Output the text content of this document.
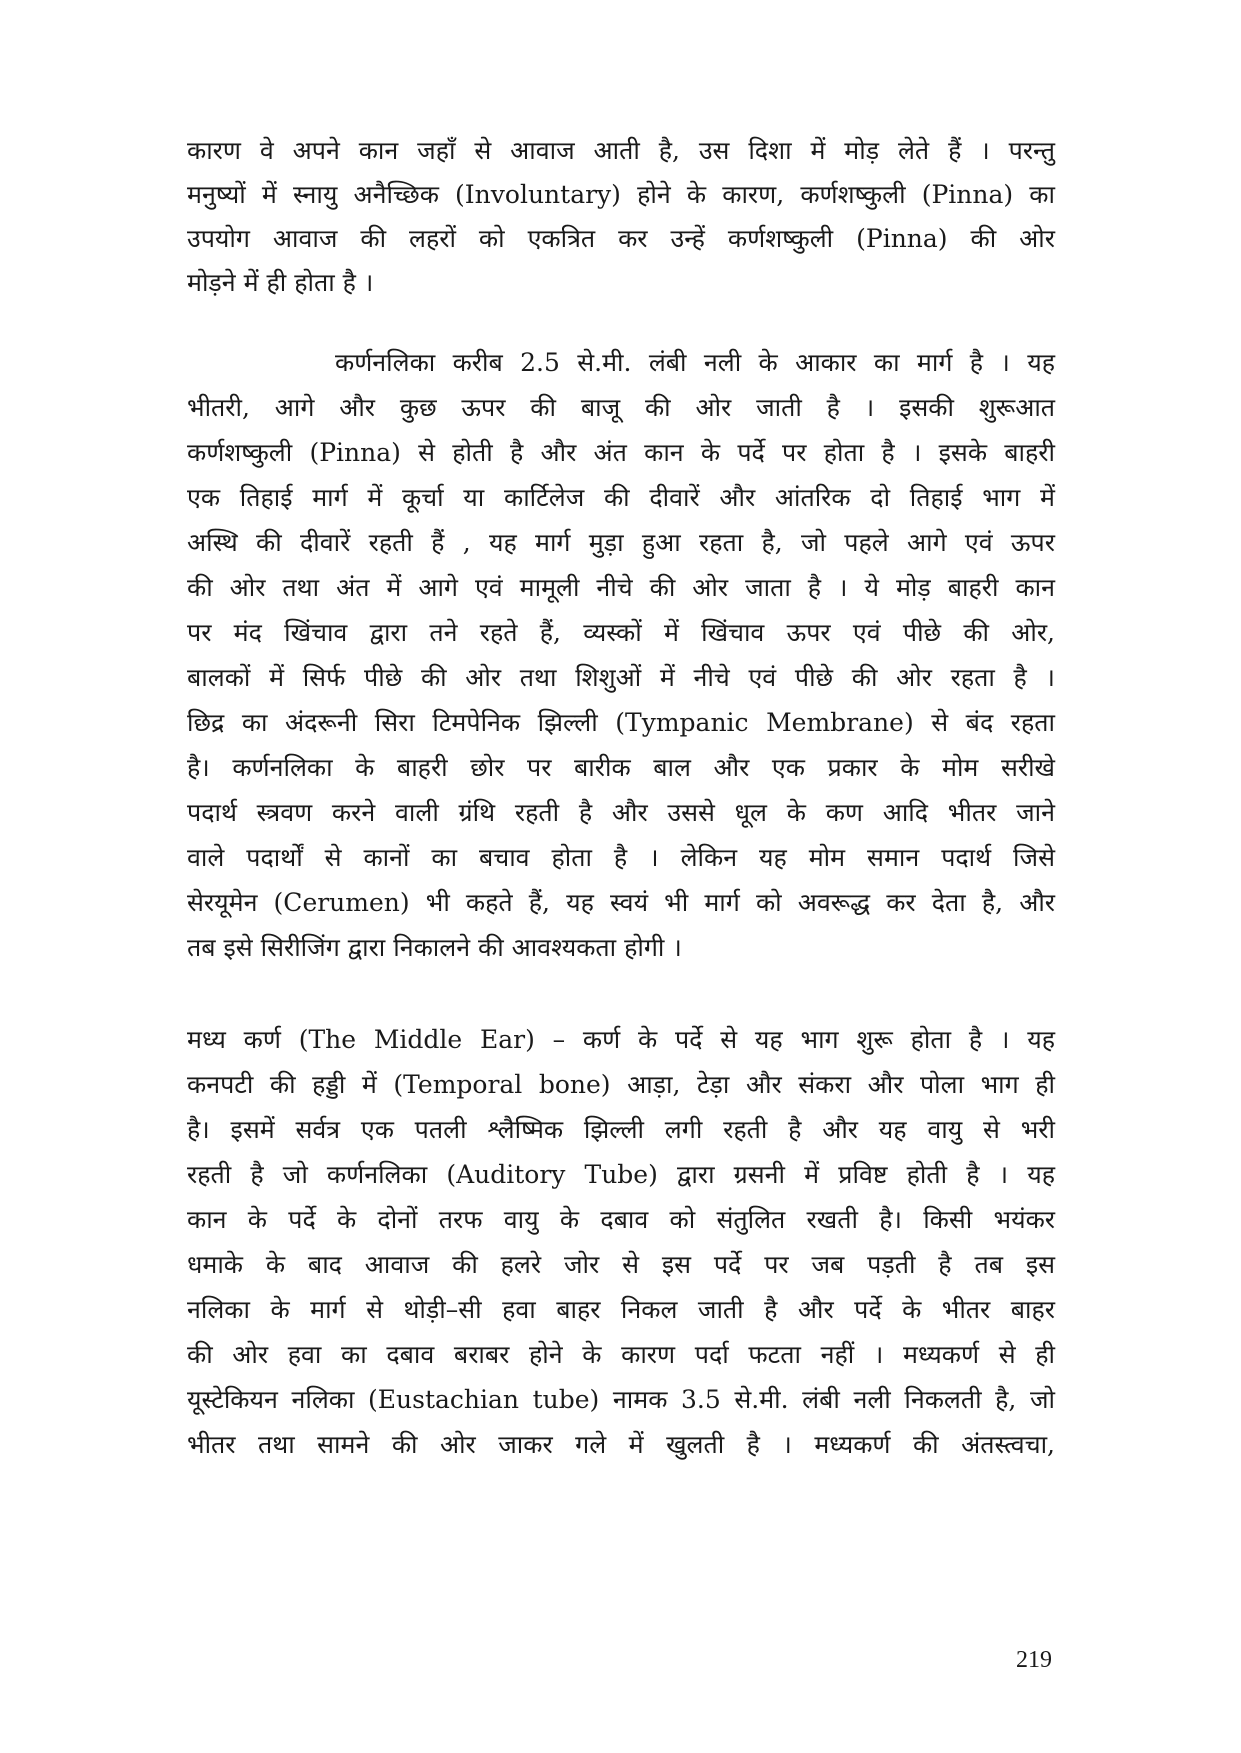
कारण वे अपने कान जहाँ से आवाज आती है, उस दिशा में मोड़ लेते हैं । परन्तु
मनुष्यों में स्नायु अनैच्छिक (Involuntary) होने के कारण, कर्णशष्कुली (Pinna) का
उपयोग आवाज की लहरों को एकत्रित कर उन्हें कर्णशष्कुली (Pinna) की ओर
मोड़ने में ही होता है ।
कर्णनलिका करीब 2.5 से.मी. लंबी नली के आकार का मार्ग है । यह
भीतरी, आगे और कुछ ऊपर की बाजू की ओर जाती है । इसकी शुरूआत
कर्णशष्कुली (Pinna) से होती है और अंत कान के पर्दे पर होता है । इसके बाहरी
एक तिहाई मार्ग में कूर्चा या कार्टिलेज की दीवारें और आंतरिक दो तिहाई भाग में
अस्थि की दीवारें रहती हैं , यह मार्ग मुड़ा हुआ रहता है, जो पहले आगे एवं ऊपर
की ओर तथा अंत में आगे एवं मामूली नीचे की ओर जाता है । ये मोड़ बाहरी कान
पर मंद खिंचाव द्वारा तने रहते हैं, व्यस्कों में खिंचाव ऊपर एवं पीछे की ओर,
बालकों में सिर्फ पीछे की ओर तथा शिशुओं में नीचे एवं पीछे की ओर रहता है ।
छिद्र का अंदरूनी सिरा टिमपेनिक झिल्ली (Tympanic Membrane) से बंद रहता
है। कर्णनलिका के बाहरी छोर पर बारीक बाल और एक प्रकार के मोम सरीखे
पदार्थ स्त्रवण करने वाली ग्रंथि रहती है और उससे धूल के कण आदि भीतर जाने
वाले पदार्थों से कानों का बचाव होता है । लेकिन यह मोम समान पदार्थ जिसे
सेरयूमेन (Cerumen) भी कहते हैं, यह स्वयं भी मार्ग को अवरूद्ध कर देता है, और
तब इसे सिरीजिंग द्वारा निकालने की आवश्यकता होगी ।
मध्य कर्ण (The Middle Ear) – कर्ण के पर्दे से यह भाग शुरू होता है । यह
कनपटी की हड्डी में (Temporal bone) आड़ा, टेड़ा और संकरा और पोला भाग ही
है। इसमें सर्वत्र एक पतली श्लैष्मिक झिल्ली लगी रहती है और यह वायु से भरी
रहती है जो कर्णनलिका (Auditory Tube) द्वारा ग्रसनी में प्रविष्ट होती है । यह
कान के पर्दे के दोनों तरफ वायु के दबाव को संतुलित रखती है। किसी भयंकर
धमाके के बाद आवाज की हलरे जोर से इस पर्दे पर जब पड़ती है तब इस
नलिका के मार्ग से थोड़ी–सी हवा बाहर निकल जाती है और पर्दे के भीतर बाहर
की ओर हवा का दबाव बराबर होने के कारण पर्दा फटता नहीं । मध्यकर्ण से ही
यूस्टेकियन नलिका (Eustachian tube) नामक 3.5 से.मी. लंबी नली निकलती है, जो
भीतर तथा सामने की ओर जाकर गले में खुलती है । मध्यकर्ण की अंतस्त्वचा,
219
